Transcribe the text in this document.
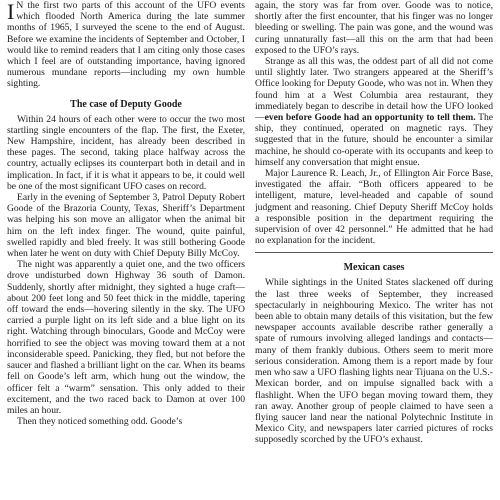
I N the first two parts of this account of the UFO events which flooded North America during the late summer months of 1965, I surveyed the scene to the end of August. Before we examine the incidents of September and October, I would like to remind readers that I am citing only those cases which I feel are of outstanding importance, having ignored numerous mundane reports—including my own humble sighting.

The case of Deputy Goode

Within 24 hours of each other were to occur the two most startling single encounters of the flap. The first, the Exeter, New Hampshire, incident, has already been described in these pages. The second, taking place halfway across the country, actually eclipses its counterpart both in detail and in implication. In fact, if it is what it appears to be, it could well be one of the most significant UFO cases on record.

Early in the evening of September 3, Patrol Deputy Robert Goode of the Brazoria County, Texas, Sheriff’s Department was helping his son move an alligator when the animal bit him on the left index finger. The wound, quite painful, swelled rapidly and bled freely. It was still bothering Goode when later he went on duty with Chief Deputy Billy McCoy.

The night was apparently a quiet one, and the two officers drove undisturbed down Highway 36 south of Damon. Suddenly, shortly after midnight, they sighted a huge craft—about 200 feet long and 50 feet thick in the middle, tapering off toward the ends—hovering silently in the sky. The UFO carried a purple light on its left side and a blue light on its right. Watching through binoculars, Goode and McCoy were horrified to see the object was moving toward them at a not inconsiderable speed. Panicking, they fled, but not before the saucer and flashed a brilliant light on the car. When its beams fell on Goode’s left arm, which hung out the window, the officer felt a “warm” sensation. This only added to their excitement, and the two raced back to Damon at over 100 miles an hour.

Then they noticed something odd. Goode’s

again, the story was far from over. Goode was to notice, shortly after the first encounter, that his finger was no longer bleeding or swelling. The pain was gone, and the wound was curing unnaturally fast—all this on the arm that had been exposed to the UFO’s rays.

Strange as all this was, the oddest part of all did not come until slightly later. Two strangers appeared at the Sheriff’s Office looking for Deputy Goode, who was not in. When they found him at a West Columbia area restaurant, they immediately began to describe in detail how the UFO looked—even before Goode had an opportunity to tell them. The ship, they continued, operated on magnetic rays. They suggested that in the future, should he encounter a similar machine, he should co-operate with its occupants and keep to himself any conversation that might ensue.

Major Laurence R. Leach, Jr., of Ellington Air Force Base, investigated the affair. “Both officers appeared to be intelligent, mature, level-headed and capable of sound judgment and reasoning. Chief Deputy Sheriff McCoy holds a responsible position in the department requiring the supervision of over 42 personnel.” He admitted that he had no explanation for the incident.

Mexican cases

While sightings in the United States slackened off during the last three weeks of September, they increased spectacularly in neighbouring Mexico. The writer has not been able to obtain many details of this visitation, but the few newspaper accounts available describe rather generally a spate of rumours involving alleged landings and contacts—many of them frankly dubious. Others seem to merit more serious consideration. Among them is a report made by four men who saw a UFO flashing lights near Tijuana on the U.S.-Mexican border, and on impulse signalled back with a flashlight. When the UFO began moving toward them, they ran away. Another group of people claimed to have seen a flying saucer land near the national Polytechnic Institute in Mexico City, and newspapers later carried pictures of rocks supposedly scorched by the UFO’s exhaust.
